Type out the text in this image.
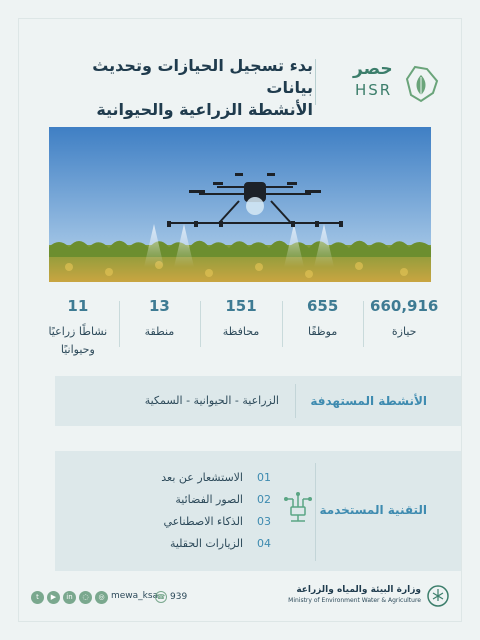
بدء تسجيل الحيازات وتحديث بيانات
الأنشطة الزراعية والحيوانية
حصر
HSR
660,916
حيازة
655
موظفًا
151
محافظة
13
منطقة
11
نشاطًا زراعيًا وحيوانيًا
الأنشطة المستهدفة
الزراعية - الحيوانية - السمكية
التقنية المستخدمة
01
الاستشعار عن بعد
02
الصور الفضائية
03
الذكاء الاصطناعي
04
الزيارات الحقلية
t	▶	in	◌	◎ mewa_ksa
☎ 939
وزارة البيئة والمياه والزراعة
Ministry of Environment Water & Agriculture
